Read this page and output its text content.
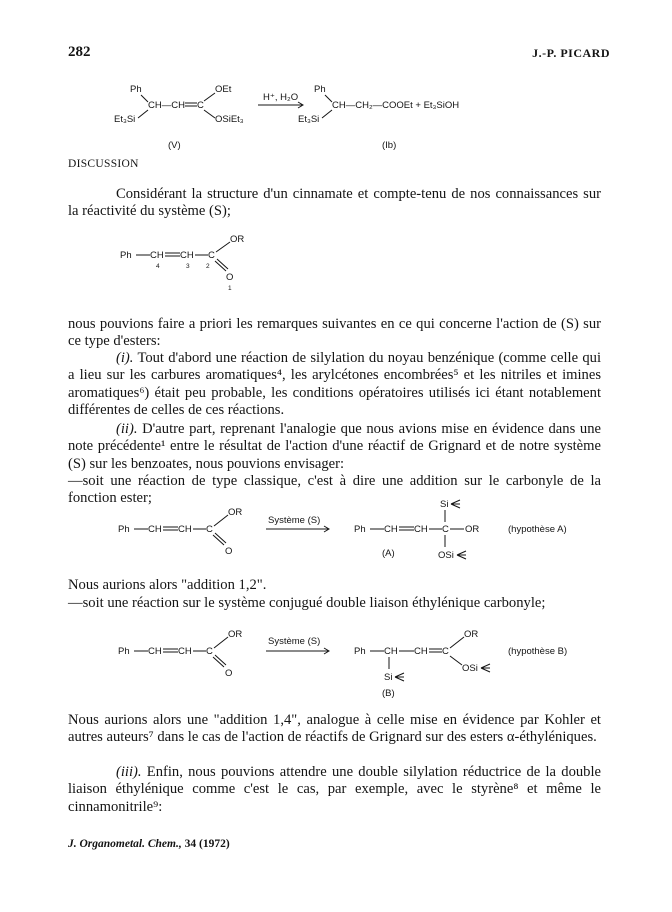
282	J.-P. PICARD
Ph
CH—CH C
OEt
OSiEt₃
Et₃Si
(V)
H⁺, H₂O
Ph
CH—CH₂—COOEt + Et₃SiOH
Et₃Si
(Ib)
DISCUSSION
Considérant la structure d'un cinnamate et compte-tenu de nos connaissances sur la réactivité du système (S);
Ph CH CH C
OR
O
4	3	2
1
nous pouvions faire a priori les remarques suivantes en ce qui concerne l'action de (S) sur ce type d'esters:
(i). Tout d'abord une réaction de silylation du noyau benzénique (comme celle qui a lieu sur les carbures aromatiques⁴, les arylcétones encombrées⁵ et les nitriles et imines aromatiques⁶) était peu probable, les conditions opératoires utilisés ici étant notablement différentes de celles de ces réactions.
(ii). D'autre part, reprenant l'analogie que nous avions mise en évidence dans une note précédente¹ entre le résultat de l'action d'une réactif de Grignard et de notre système (S) sur les benzoates, nous pouvions envisager:
—soit une réaction de type classique, c'est à dire une addition sur le carbonyle de la fonction ester;
Ph CH CH C
OR
O
Système (S)
Ph CH CH C OR
Si
OSi
(A)
(hypothèse A)
Nous aurions alors "addition 1,2".
—soit une réaction sur le système conjugué double liaison éthylénique carbonyle;
Ph CH CH C
OR
O
Système (S)
Ph CH CH C
OR
OSi
Si
(B)
(hypothèse B)
Nous aurions alors une "addition 1,4", analogue à celle mise en évidence par Kohler et autres auteurs⁷ dans le cas de l'action de réactifs de Grignard sur des esters α-éthyléniques.
(iii). Enfin, nous pouvions attendre une double silylation réductrice de la double liaison éthylénique comme c'est le cas, par exemple, avec le styrène⁸ et même le cinnamonitrile⁹:
J. Organometal. Chem., 34 (1972)
